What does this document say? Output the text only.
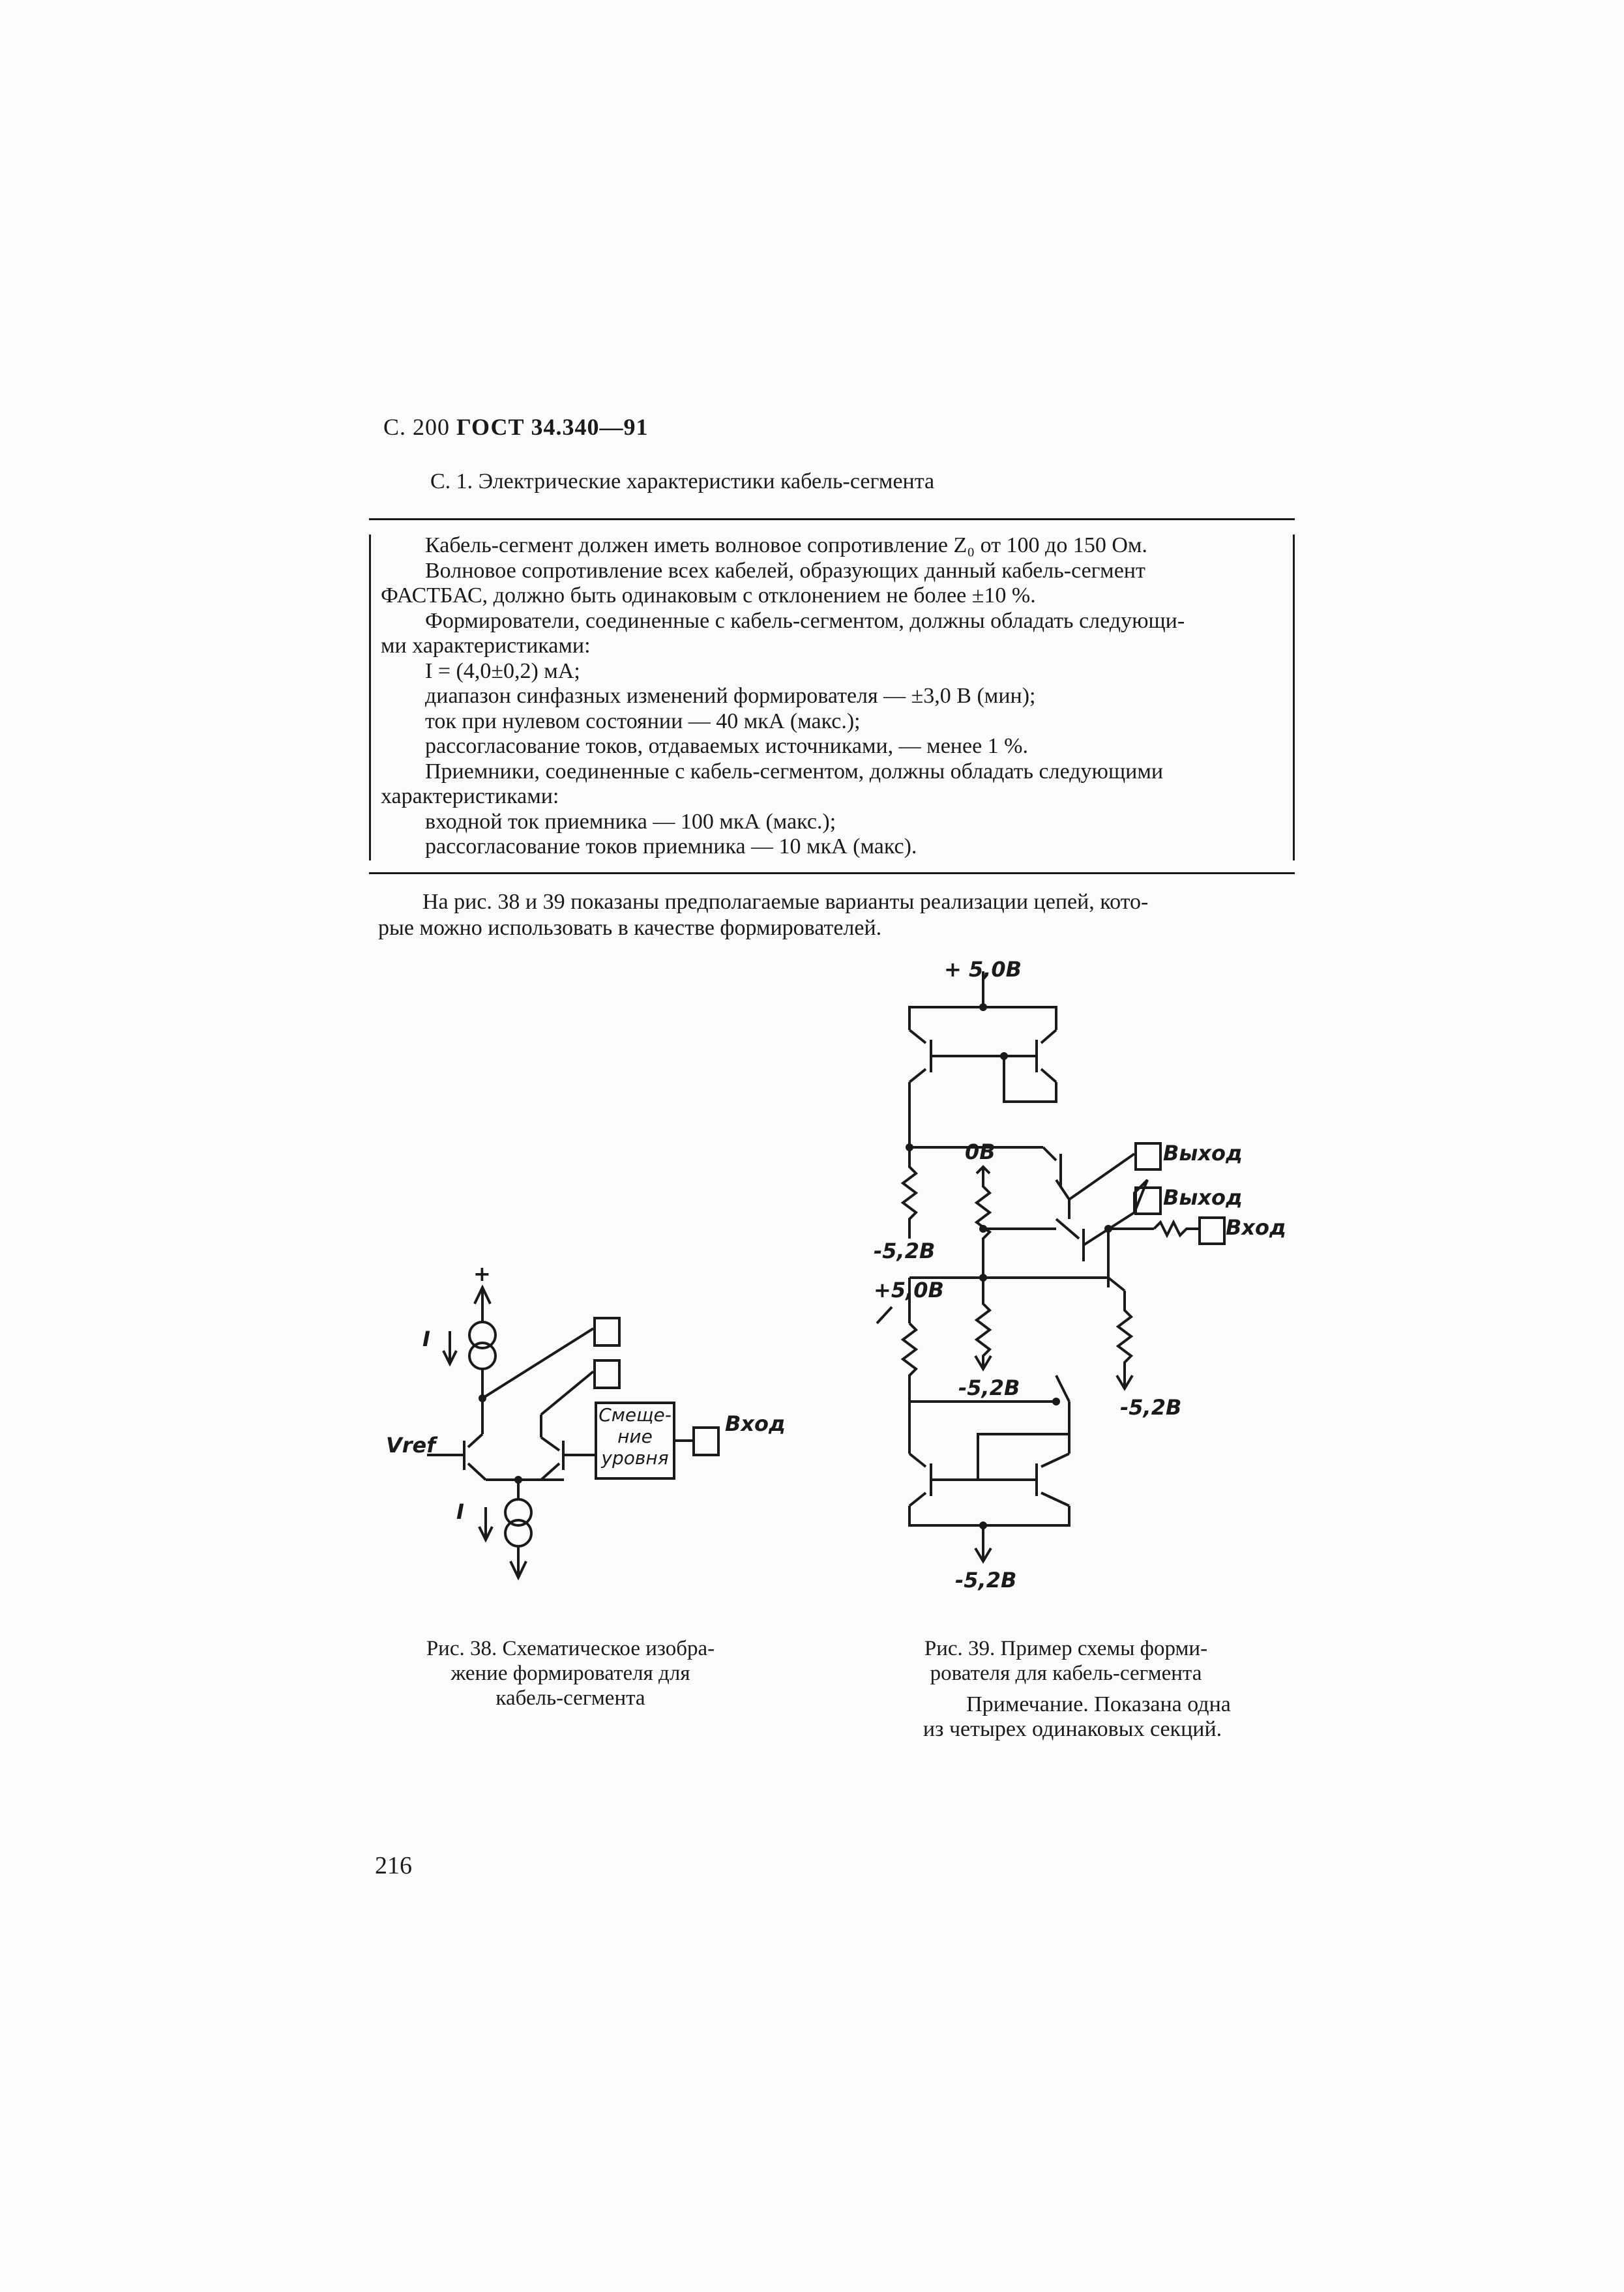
С. 200 ГОСТ 34.340—91
С. 1. Электрические характеристики кабель-сегмента
Кабель-сегмент должен иметь волновое сопротивление Z₀ от 100 до 150 Ом.
Волновое сопротивление всех кабелей, образующих данный кабель-сегмент
ФАСТБАС, должно быть одинаковым с отклонением не более ±10 %.
Формирователи, соединенные с кабель-сегментом, должны обладать следующи-
ми характеристиками:
I = (4,0±0,2) мА;
диапазон синфазных изменений формирователя — ±3,0 В (мин);
ток при нулевом состоянии — 40 мкА (макс.);
рассогласование токов, отдаваемых источниками, — менее 1 %.
Приемники, соединенные с кабель-сегментом, должны обладать следующими
характеристиками:
входной ток приемника — 100 мкА (макс.);
рассогласование токов приемника — 10 мкА (макс).
На рис. 38 и 39 показаны предполагаемые варианты реализации цепей, кото-
рые можно использовать в качестве формирователей.
Смеще-
ние
уровня
+
I
I
Vref
Вход
Рис. 38. Схематическое изобра-
жение формирователя для
кабель-сегмента
+ 5,0В
Выход
Выход
Вход
0В
-5,2В
+5,0В
-5,2В
-5,2В
-5,2В
Рис. 39. Пример схемы форми-
рователя для кабель-сегмента
Примечание. Показана одна
из четырех одинаковых секций.
216
